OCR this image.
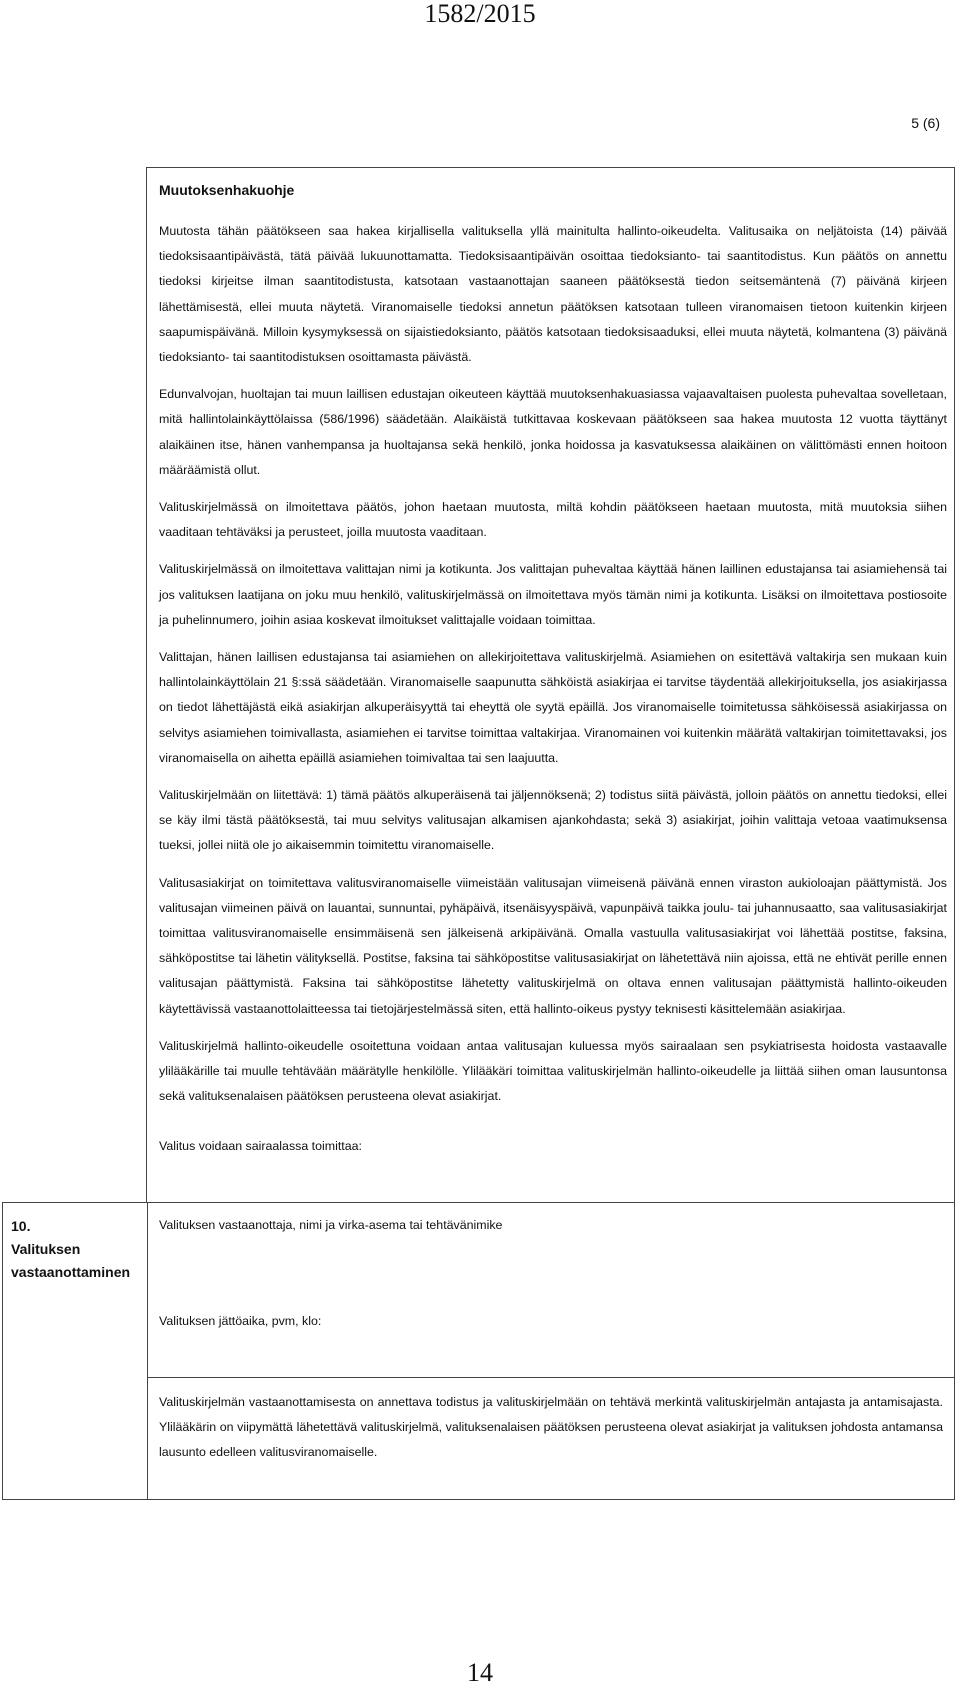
1582/2015
5 (6)
Muutoksenhakuohje

Muutosta tähän päätökseen saa hakea kirjallisella valituksella yllä mainitulta hallinto-oikeudelta. Valitusaika on neljätoista (14) päivää tiedoksisaantipäivästä, tätä päivää lukuunottamatta. Tiedoksisaantipäivän osoittaa tiedoksianto- tai saantitodistus. Kun päätös on annettu tiedoksi kirjeitse ilman saantitodistusta, katsotaan vastaanottajan saaneen päätöksestä tiedon seitsemäntenä (7) päivänä kirjeen lähettämisestä, ellei muuta näytetä. Viranomaiselle tiedoksi annetun päätöksen katsotaan tulleen viranomaisen tietoon kuitenkin kirjeen saapumispäivänä. Milloin kysymyksessä on sijaistiedoksianto, päätös katsotaan tiedoksisaaduksi, ellei muuta näytetä, kolmantena (3) päivänä tiedoksianto- tai saantitodistuksen osoittamasta päivästä.

Edunvalvojan, huoltajan tai muun laillisen edustajan oikeuteen käyttää muutoksenhakuasiassa vajaavaltaisen puolesta puhevaltaa sovelletaan, mitä hallintolainkäyttölaissa (586/1996) säädetään. Alaikäistä tutkittavaa koskevaan päätökseen saa hakea muutosta 12 vuotta täyttänyt alaikäinen itse, hänen vanhempansa ja huoltajansa sekä henkilö, jonka hoidossa ja kasvatuksessa alaikäinen on välittömästi ennen hoitoon määräämistä ollut.

Valituskirjelmässä on ilmoitettava päätös, johon haetaan muutosta, miltä kohdin päätökseen haetaan muutosta, mitä muutoksia siihen vaaditaan tehtäväksi ja perusteet, joilla muutosta vaaditaan.

Valituskirjelmässä on ilmoitettava valittajan nimi ja kotikunta. Jos valittajan puhevaltaa käyttää hänen laillinen edustajansa tai asiamiehensä tai jos valituksen laatijana on joku muu henkilö, valituskirjelmässä on ilmoitettava myös tämän nimi ja kotikunta. Lisäksi on ilmoitettava postiosoite ja puhelinnumero, joihin asiaa koskevat ilmoitukset valittajalle voidaan toimittaa.

Valittajan, hänen laillisen edustajansa tai asiamiehen on allekirjoitettava valituskirjelmä. Asiamiehen on esitettävä valtakirja sen mukaan kuin hallintolainkäyttölain 21 §:ssä säädetään. Viranomaiselle saapunutta sähköistä asiakirjaa ei tarvitse täydentää allekirjoituksella, jos asiakirjassa on tiedot lähettäjästä eikä asiakirjan alkuperäisyyttä tai eheyttä ole syytä epäillä. Jos viranomaiselle toimitetussa sähköisessä asiakirjassa on selvitys asiamiehen toimivallasta, asiamiehen ei tarvitse toimittaa valtakirjaa. Viranomainen voi kuitenkin määrätä valtakirjan toimitettavaksi, jos viranomaisella on aihetta epäillä asiamiehen toimivaltaa tai sen laajuutta.

Valituskirjelmään on liitettävä: 1) tämä päätös alkuperäisenä tai jäljennöksenä; 2) todistus siitä päivästä, jolloin päätös on annettu tiedoksi, ellei se käy ilmi tästä päätöksestä, tai muu selvitys valitusajan alkamisen ajankohdasta; sekä 3) asiakirjat, joihin valittaja vetoaa vaatimuksensa tueksi, jollei niitä ole jo aikaisemmin toimitettu viranomaiselle.

Valitusasiakirjat on toimitettava valitusviranomaiselle viimeistään valitusajan viimeisenä päivänä ennen viraston aukioloajan päättymistä. Jos valitusajan viimeinen päivä on lauantai, sunnuntai, pyhäpäivä, itsenäisyyspäivä, vapunpäivä taikka joulu- tai juhannusaatto, saa valitusasiakirjat toimittaa valitusviranomaiselle ensimmäisenä sen jälkeisenä arkipäivänä. Omalla vastuulla valitusasiakirjat voi lähettää postitse, faksina, sähköpostitse tai lähetin välityksellä. Postitse, faksina tai sähköpostitse valitusasiakirjat on lähetettävä niin ajoissa, että ne ehtivät perille ennen valitusajan päättymistä. Faksina tai sähköpostitse lähetetty valituskirjelmä on oltava ennen valitusajan päättymistä hallinto-oikeuden käytettävissä vastaanottolaitteessa tai tietojärjestelmässä siten, että hallinto-oikeus pystyy teknisesti käsittelemään asiakirjaa.

Valituskirjelmä hallinto-oikeudelle osoitettuna voidaan antaa valitusajan kuluessa myös sairaalaan sen psykiatrisesta hoidosta vastaavalle ylilääkärille tai muulle tehtävään määrätylle henkilölle. Ylilääkäri toimittaa valituskirjelmän hallinto-oikeudelle ja liittää siihen oman lausuntonsa sekä valituksenalaisen päätöksen perusteena olevat asiakirjat.

Valitus voidaan sairaalassa toimittaa:

10.
Valituksen
vastaanottaminen
Valituksen vastaanottaja, nimi ja virka-asema tai tehtävänimike
Valituksen jättöaika, pvm, klo:
Valituskirjelmän vastaanottamisesta on annettava todistus ja valituskirjelmään on tehtävä merkintä valituskirjelmän antajasta ja antamisajasta. Ylilääkärin on viipymättä lähetettävä valituskirjelmä, valituksenalaisen päätöksen perusteena olevat asiakirjat ja valituksen johdosta antamansa lausunto edelleen valitusviranomaiselle.
14
